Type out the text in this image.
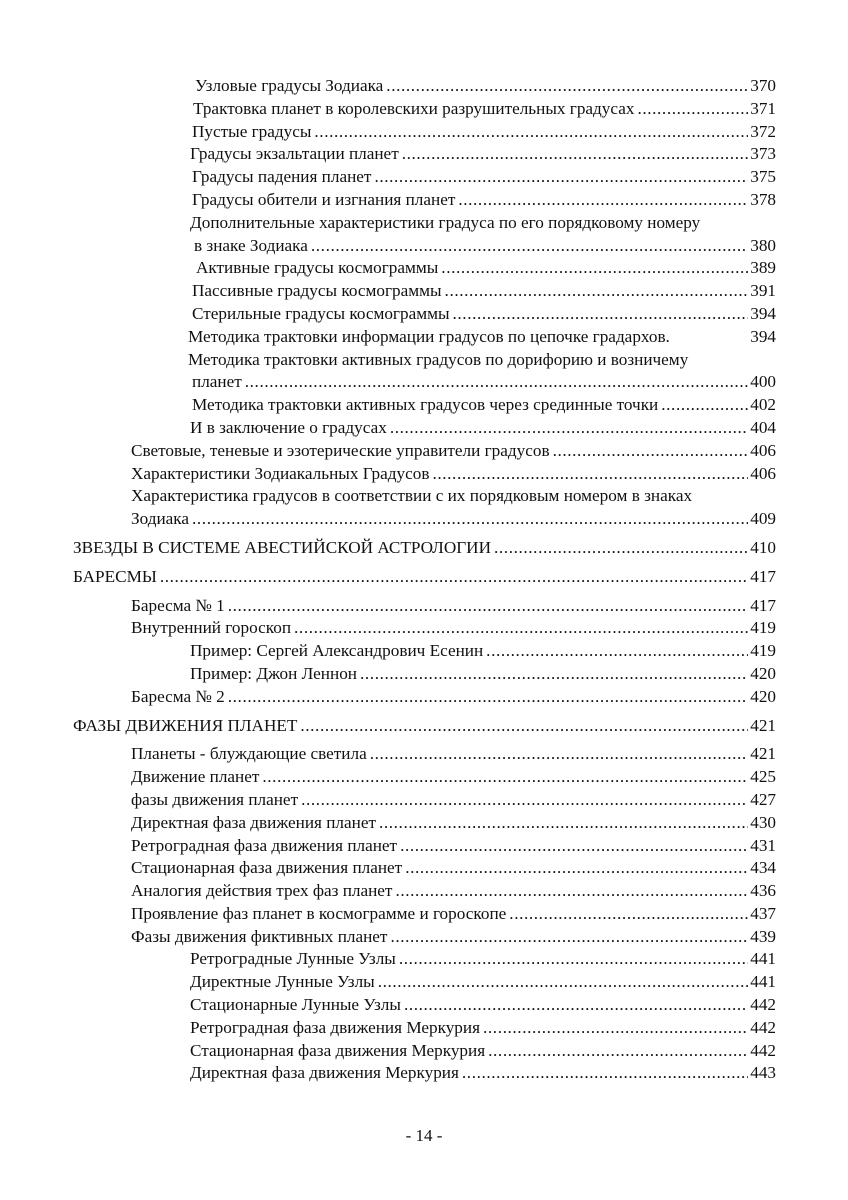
Узловые градусы Зодиака .....	370
Трактовка планет в королевскихи разрушительных градусах .....	371
Пустые градусы .....	372
Градусы экзальтации планет .....	373
Градусы падения планет .....	375
Градусы обители и изгнания планет .....	378
Дополнительные характеристики градуса по его порядковому номеру
в знаке Зодиака .....	380
Активные градусы космограммы .....	389
Пассивные градусы космограммы .....	391
Стерильные градусы космограммы .....	394
Методика трактовки информации градусов по цепочке градархов.	394
Методика трактовки активных градусов по дорифорию и возничему
планет .....	400
Методика трактовки активных градусов через срединные точки .....	402
И в заключение о градусах .....	404
Световые, теневые и эзотерические управители градусов .....	406
Характеристики Зодиакальных Градусов .....	406
Характеристика градусов в соответствии с их порядковым номером в знаках
Зодиака .....	409
ЗВЕЗДЫ В СИСТЕМЕ АВЕСТИЙСКОЙ АСТРОЛОГИИ .....	410
БАРЕСМЫ .....	417
Баресма № 1 .....	417
Внутренний гороскоп .....	419
Пример: Сергей Александрович Есенин .....	419
Пример: Джон Леннон .....	420
Баресма № 2 .....	420
ФАЗЫ ДВИЖЕНИЯ ПЛАНЕТ .....	421
Планеты - блуждающие светила .....	421
Движение планет .....	425
фазы движения планет .....	427
Директная фаза движения планет .....	430
Ретроградная фаза движения планет .....	431
Стационарная фаза движения планет .....	434
Аналогия действия трех фаз планет .....	436
Проявление фаз планет в космограмме и гороскопе .....	437
Фазы движения фиктивных планет .....	439
Ретроградные Лунные Узлы .....	441
Директные Лунные Узлы .....	441
Стационарные Лунные Узлы .....	442
Ретроградная фаза движения Меркурия .....	442
Стационарная фаза движения Меркурия .....	442
Директная фаза движения Меркурия .....	443
- 14 -
